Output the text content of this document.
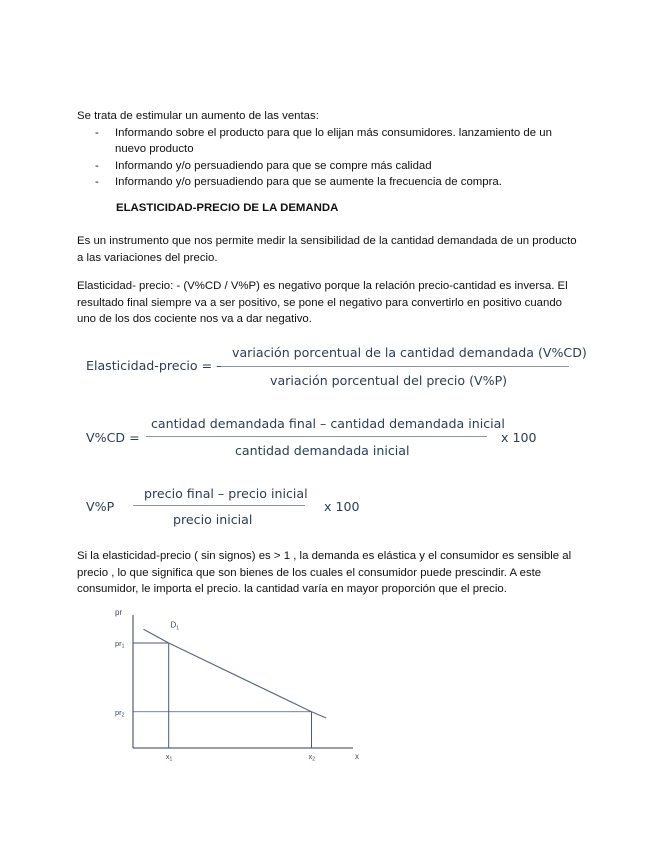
Se trata de estimular un aumento de las ventas:
- Informando sobre el producto para que lo elijan más consumidores. lanzamiento de un nuevo producto
- Informando y/o persuadiendo para que se compre más calidad
- Informando y/o persuadiendo para que se aumente la frecuencia de compra.
ELASTICIDAD-PRECIO DE LA DEMANDA
Es un instrumento que nos permite medir la sensibilidad de la cantidad demandada de un producto a las variaciones del precio.
Elasticidad- precio: - (V%CD / V%P) es negativo porque la relación precio-cantidad es inversa. El resultado final siempre va a ser positivo, se pone el negativo para convertirlo en positivo cuando uno de los dos cociente nos va a dar negativo.
Elasticidad-precio = –
variación porcentual de la cantidad demandada (V%CD)
variación porcentual del precio (V%P)
V%CD =
cantidad demandada final – cantidad demandada inicial
cantidad demandada inicial
x 100
V%P
precio final – precio inicial
precio inicial
x 100
Si la elasticidad-precio ( sin signos) es > 1 , la demanda es elástica y el consumidor es sensible al precio , lo que significa que son bienes de los cuales el consumidor puede prescindir. A este consumidor, le importa el precio. la cantidad varía en mayor proporción que el precio.
pr
x
$D_1$
$pr_1$
$x_1$
$pr_2$
$x_2$
